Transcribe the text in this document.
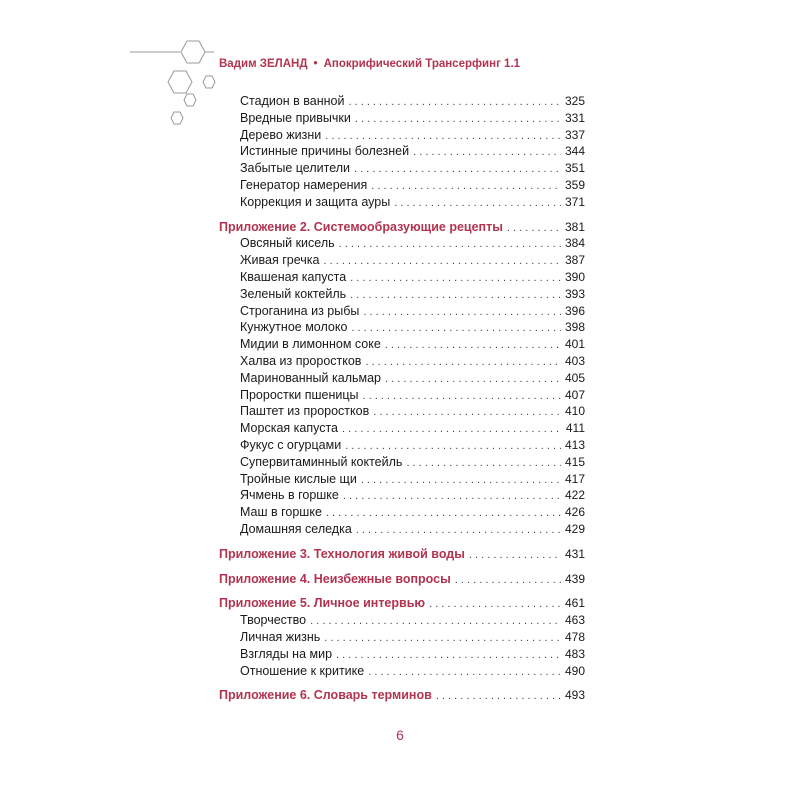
Вадим ЗЕЛАНД • Апокрифический Трансерфинг 1.1
Стадион в ванной . . .	325
Вредные привычки . . .	331
Дерево жизни . . .	337
Истинные причины болезней . . .	344
Забытые целители . . .	351
Генератор намерения . . .	359
Коррекция и защита ауры . . .	371
Приложение 2. Системообразующие рецепты . . .	381
Овсяный кисель . . .	384
Живая гречка . . .	387
Квашеная капуста . . .	390
Зеленый коктейль . . .	393
Строганина из рыбы . . .	396
Кунжутное молоко . . .	398
Мидии в лимонном соке . . .	401
Халва из проростков . . .	403
Маринованный кальмар . . .	405
Проростки пшеницы . . .	407
Паштет из проростков . . .	410
Морская капуста . . .	411
Фукус с огурцами . . .	413
Супервитаминный коктейль . . .	415
Тройные кислые щи . . .	417
Ячмень в горшке . . .	422
Маш в горшке . . .	426
Домашняя селедка . . .	429
Приложение 3. Технология живой воды . . .	431
Приложение 4. Неизбежные вопросы . . .	439
Приложение 5. Личное интервью . . .	461
Творчество . . .	463
Личная жизнь . . .	478
Взгляды на мир . . .	483
Отношение к критике . . .	490
Приложение 6. Словарь терминов . . .	493
6
